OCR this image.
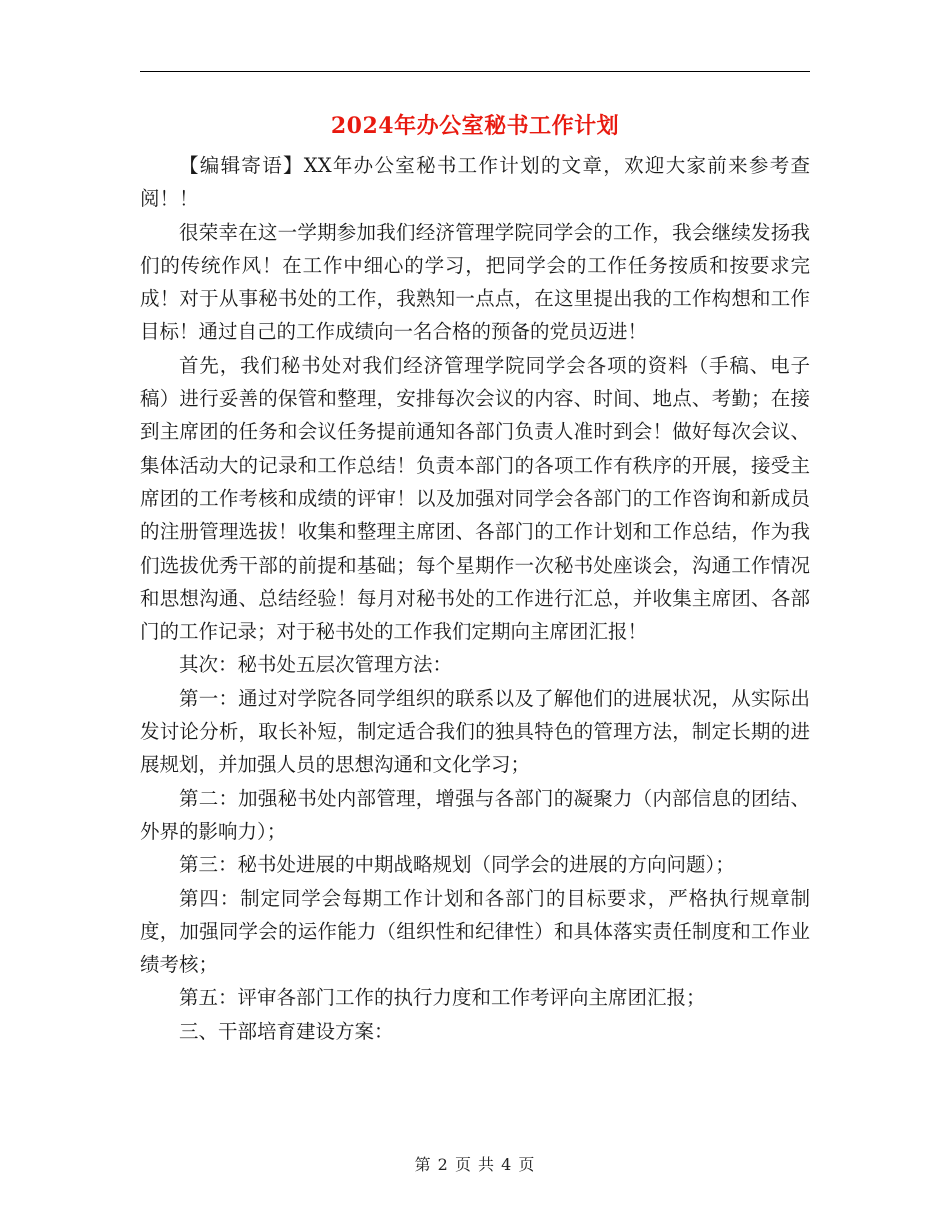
2024年办公室秘书工作计划

【编辑寄语】XX年办公室秘书工作计划的文章，欢迎大家前来参考查阅！！

很荣幸在这一学期参加我们经济管理学院同学会的工作，我会继续发扬我们的传统作风！在工作中细心的学习，把同学会的工作任务按质和按要求完成！对于从事秘书处的工作，我熟知一点点，在这里提出我的工作构想和工作目标！通过自己的工作成绩向一名合格的预备的党员迈进！

首先，我们秘书处对我们经济管理学院同学会各项的资料（手稿、电子稿）进行妥善的保管和整理，安排每次会议的内容、时间、地点、考勤；在接到主席团的任务和会议任务提前通知各部门负责人准时到会！做好每次会议、集体活动大的记录和工作总结！负责本部门的各项工作有秩序的开展，接受主席团的工作考核和成绩的评审！以及加强对同学会各部门的工作咨询和新成员的注册管理选拔！收集和整理主席团、各部门的工作计划和工作总结，作为我们选拔优秀干部的前提和基础；每个星期作一次秘书处座谈会，沟通工作情况和思想沟通、总结经验！每月对秘书处的工作进行汇总，并收集主席团、各部门的工作记录；对于秘书处的工作我们定期向主席团汇报！

其次：秘书处五层次管理方法：

第一：通过对学院各同学组织的联系以及了解他们的进展状况，从实际出发讨论分析，取长补短，制定适合我们的独具特色的管理方法，制定长期的进展规划，并加强人员的思想沟通和文化学习；

第二：加强秘书处内部管理，增强与各部门的凝聚力（内部信息的团结、外界的影响力）；

第三：秘书处进展的中期战略规划（同学会的进展的方向问题）；

第四：制定同学会每期工作计划和各部门的目标要求，严格执行规章制度，加强同学会的运作能力（组织性和纪律性）和具体落实责任制度和工作业绩考核；

第五：评审各部门工作的执行力度和工作考评向主席团汇报；

三、干部培育建设方案：

第 2 页 共 4 页
